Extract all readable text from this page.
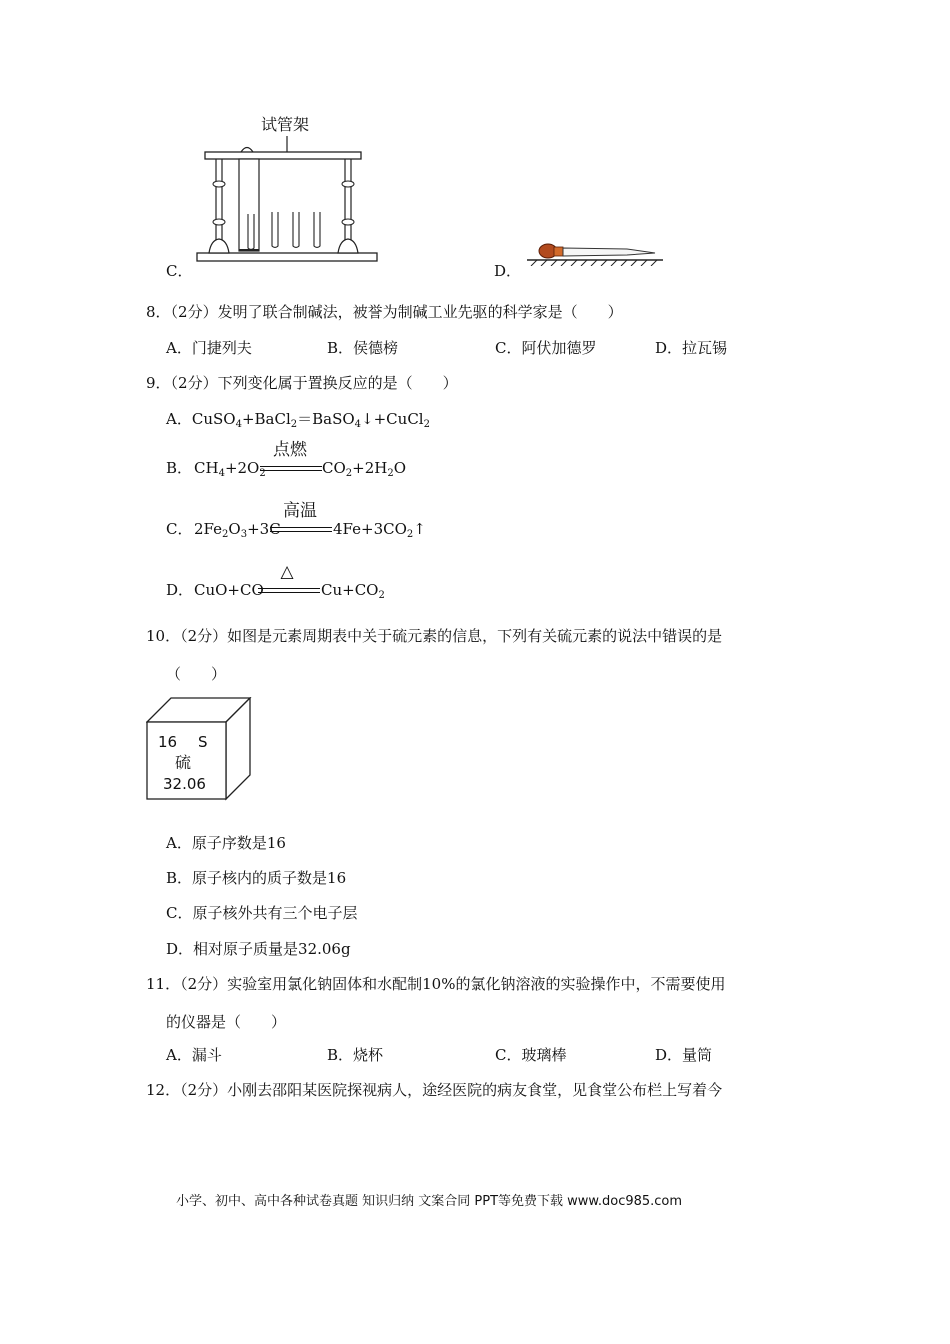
试管架
C．	D．
8．（2分）发明了联合制碱法，被誉为制碱工业先驱的科学家是（　　）
A．门捷列夫	B．侯德榜	C．阿伏加德罗	D．拉瓦锡
9．（2分）下列变化属于置换反应的是（　　）
A．CuSO$_4$+BaCl$_2$＝BaSO$_4$↓+CuCl$_2$
B． $CH_4+2O_2$
点燃
$CO_2+2H_2O$
C． $2Fe_2O_3+3C$
高温
$4Fe+3CO_2↑$
D． CuO+CO
△
$Cu+CO_2$
10．（2分）如图是元素周期表中关于硫元素的信息，下列有关硫元素的说法中错误的是
（　　）
16 S
硫
32.06
A．原子序数是16
B．原子核内的质子数是16
C．原子核外共有三个电子层
D．相对原子质量是32.06g
11．（2分）实验室用氯化钠固体和水配制10%的氯化钠溶液的实验操作中，不需要使用
的仪器是（　　）
A．漏斗	B．烧杯	C．玻璃棒	D．量筒
12．（2分）小刚去邵阳某医院探视病人，途经医院的病友食堂，见食堂公布栏上写着今
小学、初中、高中各种试卷真题 知识归纳 文案合同 PPT等免费下载 www.doc985.com
